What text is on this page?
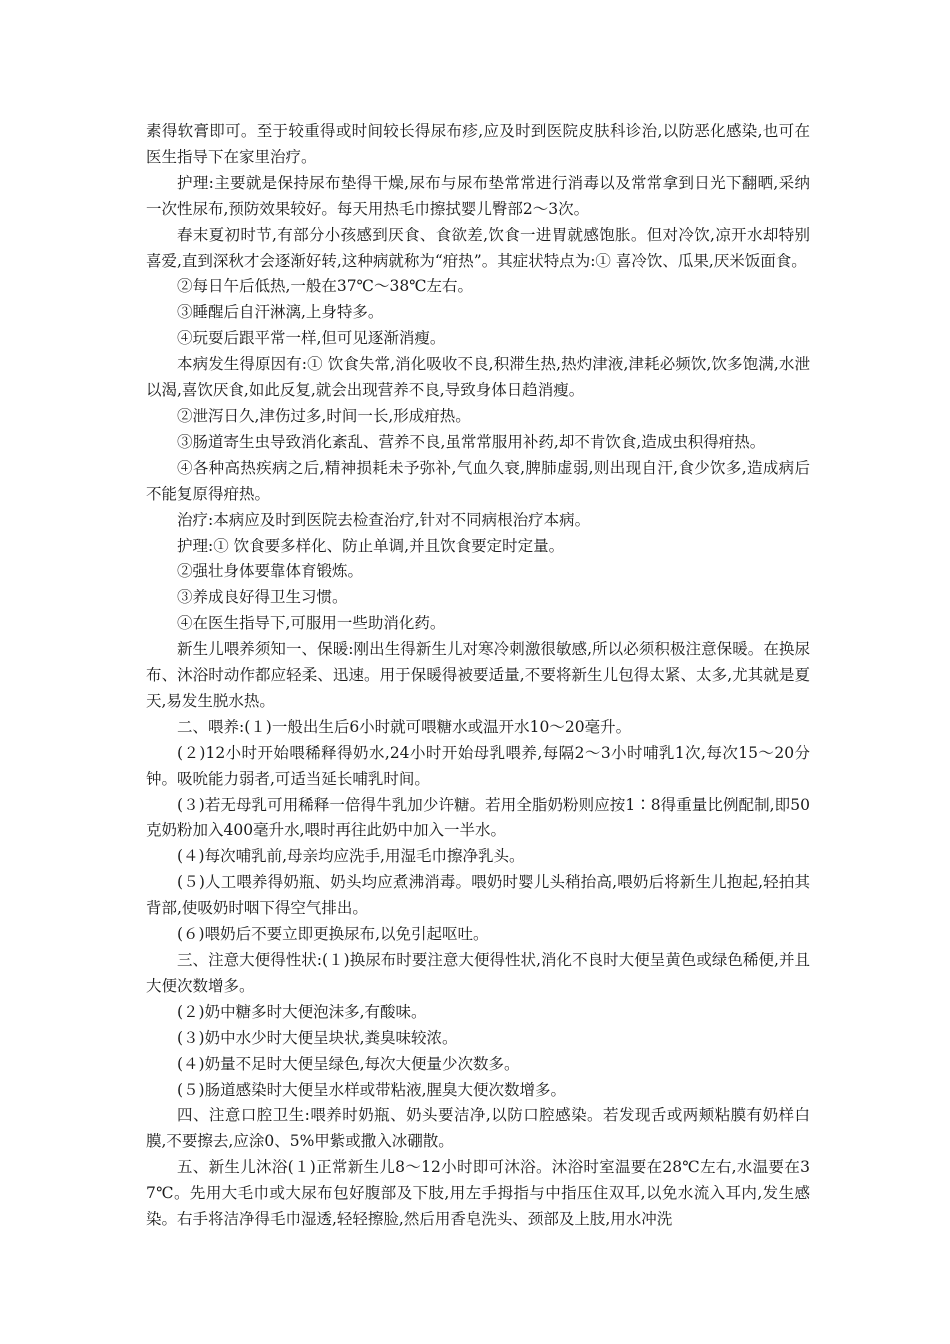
素得软膏即可。至于较重得或时间较长得尿布疹,应及时到医院皮肤科诊治,以防恶化感染,也可在医生指导下在家里治疗。

护理:主要就是保持尿布垫得干燥,尿布与尿布垫常常进行消毒以及常常拿到日光下翻晒,采纳一次性尿布,预防效果较好。每天用热毛巾擦拭婴儿臀部2～3次。

春末夏初时节,有部分小孩感到厌食、食欲差,饮食一进胃就感饱胀。但对冷饮,凉开水却特别喜爱,直到深秋才会逐渐好转,这种病就称为“疳热”。其症状特点为:① 喜冷饮、瓜果,厌米饭面食。

②每日午后低热,一般在37℃～38℃左右。

③睡醒后自汗淋漓,上身特多。

④玩耍后跟平常一样,但可见逐渐消瘦。

本病发生得原因有:① 饮食失常,消化吸收不良,积滞生热,热灼津液,津耗必频饮,饮多饱满,水泄以渴,喜饮厌食,如此反复,就会出现营养不良,导致身体日趋消瘦。

②泄泻日久,津伤过多,时间一长,形成疳热。

③肠道寄生虫导致消化紊乱、营养不良,虽常常服用补药,却不肯饮食,造成虫积得疳热。

④各种高热疾病之后,精神损耗未予弥补,气血久衰,脾肺虚弱,则出现自汗,食少饮多,造成病后不能复原得疳热。

治疗:本病应及时到医院去检查治疗,针对不同病根治疗本病。

护理:① 饮食要多样化、防止单调,并且饮食要定时定量。

②强壮身体要靠体育锻炼。

③养成良好得卫生习惯。

④在医生指导下,可服用一些助消化药。

新生儿喂养须知一、保暖:刚出生得新生儿对寒冷刺激很敏感,所以必须积极注意保暖。在换尿布、沐浴时动作都应轻柔、迅速。用于保暖得被要适量,不要将新生儿包得太紧、太多,尤其就是夏天,易发生脱水热。

二、喂养:(１)一般出生后6小时就可喂糖水或温开水10～20毫升。

(２)12小时开始喂稀释得奶水,24小时开始母乳喂养,每隔2～3小时哺乳1次,每次15～20分钟。吸吮能力弱者,可适当延长哺乳时间。

(３)若无母乳可用稀释一倍得牛乳加少许糖。若用全脂奶粉则应按1∶8得重量比例配制,即50克奶粉加入400毫升水,喂时再往此奶中加入一半水。

(４)每次哺乳前,母亲均应洗手,用湿毛巾擦净乳头。

(５)人工喂养得奶瓶、奶头均应煮沸消毒。喂奶时婴儿头稍抬高,喂奶后将新生儿抱起,轻拍其背部,使吸奶时咽下得空气排出。

(６)喂奶后不要立即更换尿布,以免引起呕吐。

三、注意大便得性状:(１)换尿布时要注意大便得性状,消化不良时大便呈黄色或绿色稀便,并且大便次数增多。

(２)奶中糖多时大便泡沫多,有酸味。

(３)奶中水少时大便呈块状,粪臭味较浓。

(４)奶量不足时大便呈绿色,每次大便量少次数多。

(５)肠道感染时大便呈水样或带粘液,腥臭大便次数增多。

四、注意口腔卫生:喂养时奶瓶、奶头要洁净,以防口腔感染。若发现舌或两颊粘膜有奶样白膜,不要擦去,应涂0、5%甲紫或撒入冰硼散。

五、新生儿沐浴(１)正常新生儿8～12小时即可沐浴。沐浴时室温要在28℃左右,水温要在37℃。先用大毛巾或大尿布包好腹部及下肢,用左手拇指与中指压住双耳,以免水流入耳内,发生感染。右手将洁净得毛巾湿透,轻轻擦脸,然后用香皂洗头、颈部及上肢,用水冲洗
